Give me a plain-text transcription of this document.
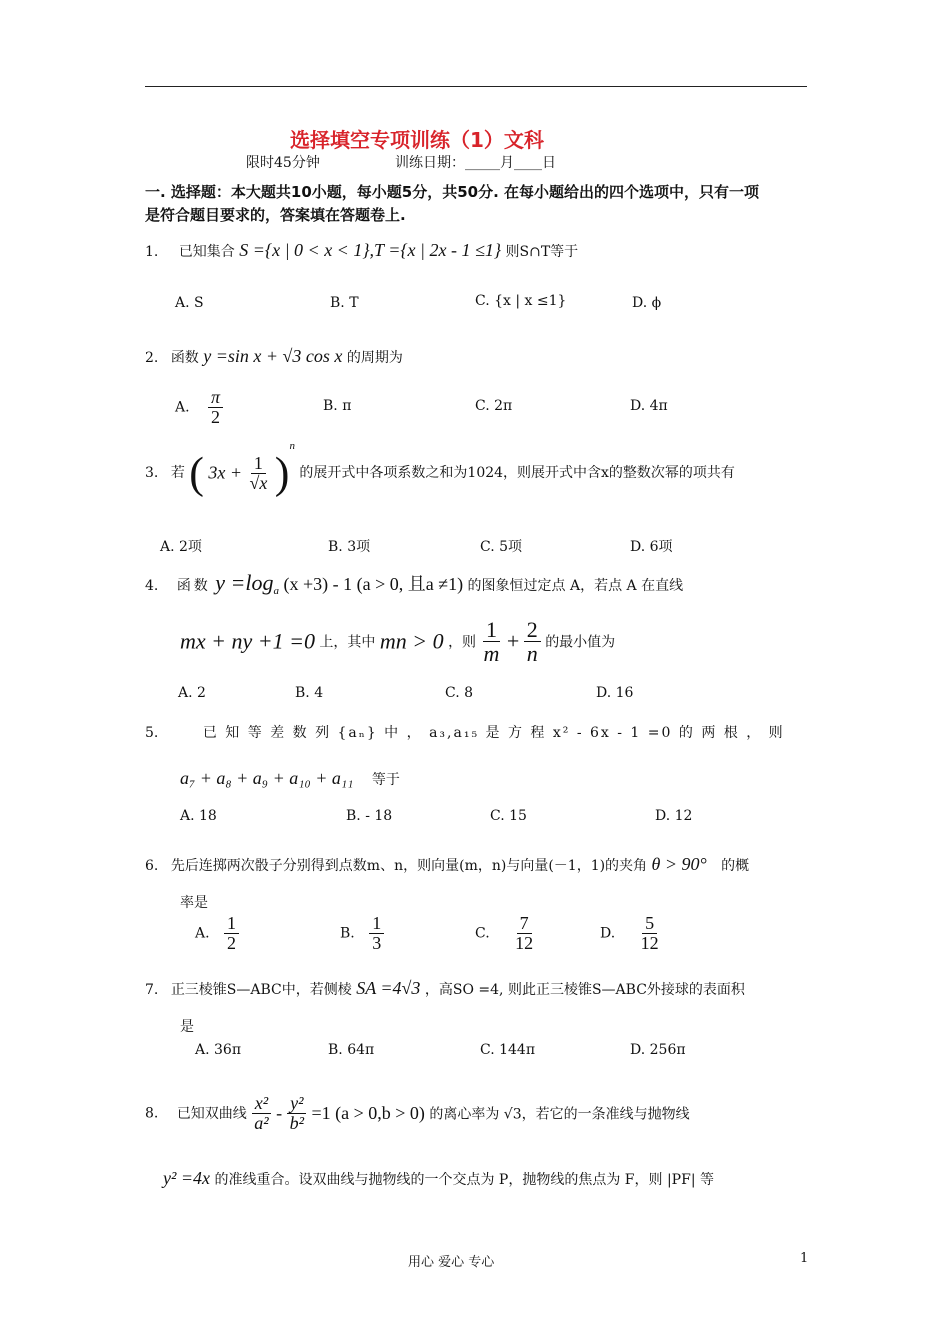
选择填空专项训练（1）文科
限时45分钟	训练日期：_____月____日
一. 选择题：本大题共10小题，每小题5分，共50分. 在每小题给出的四个选项中，只有一项
是符合题目要求的，答案填在答题卷上.
1. 已知集合 S ={x | 0 < x < 1},T ={x | 2x - 1 ≤1} 则S∩T等于
A. S	B. T	C. {x | x ≤1}	D. ϕ
2. 函数 y =sin x + √3 cos x 的周期为
A. $\frac{\pi}{2}$	B. π	C. 2π	D. 4π
3. 若 ( $3x + \frac{1}{√x} )^n$ 的展开式中各项系数之和为1024，则展开式中含x的整数次幂的项共有
A. 2项	B. 3项	C. 5项	D. 6项
4. 函数 $y =\log_a$ (x +3) - 1 (a > 0, 且a ≠1) 的图象恒过定点 A，若点 A 在直线
mx + ny +1 =0 上，其中 mn > 0 ，则 $\frac{1}{m} + \frac{2}{n}$ 的最小值为
A. 2	B. 4	C. 8	D. 16
5.	已 知 等 差 数 列 {aₙ} 中 ， a₃,a₁₅ 是 方 程 x² - 6x - 1 =0 的 两 根 ， 则
a₇ + a₈ + a₉ + a₁₀ + a₁₁ 等于
A. 18	B. - 18	C. 15	D. 12
6. 先后连掷两次骰子分别得到点数m、n，则向量(m，n)与向量(－1，1)的夹角 θ > 90° 的概
率是
A. $\frac{1}{2}$	B. $\frac{1}{3}$	C. $\frac{7}{12}$	D. $\frac{5}{12}$
7. 正三棱锥S—ABC中，若侧棱 SA =4√3 ，高SO =4, 则此正三棱锥S—ABC外接球的表面积
是
A. 36π	B. 64π	C. 144π	D. 256π
8. 已知双曲线 $\frac{\text{x²}}{\text{a²}} - \frac{\text{y²}}{\text{b²}} =1$ (a > 0,b > 0) 的离心率为 √3，若它的一条准线与抛物线
y² =4x 的准线重合。设双曲线与抛物线的一个交点为 P，抛物线的焦点为 F，则 |PF| 等
用心 爱心 专心	1
